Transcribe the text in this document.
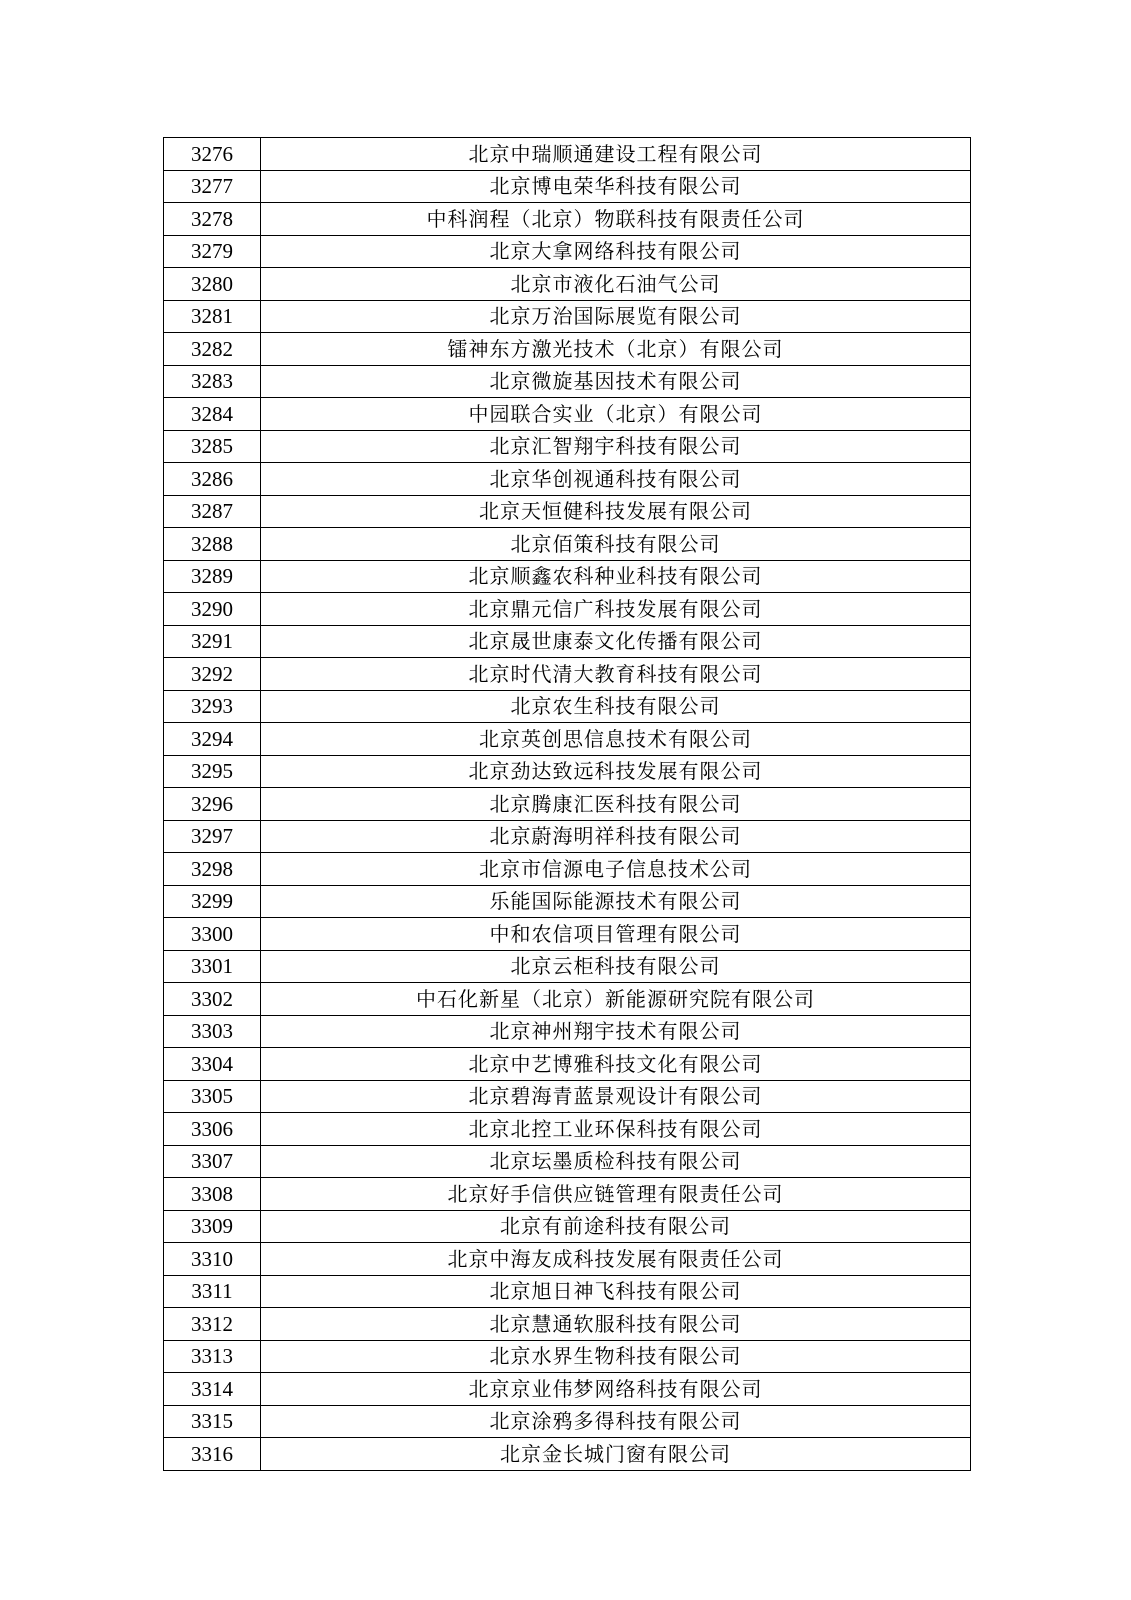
3276	北京中瑞顺通建设工程有限公司
3277	北京博电荣华科技有限公司
3278	中科润程（北京）物联科技有限责任公司
3279	北京大拿网络科技有限公司
3280	北京市液化石油气公司
3281	北京万治国际展览有限公司
3282	镭神东方激光技术（北京）有限公司
3283	北京微旋基因技术有限公司
3284	中园联合实业（北京）有限公司
3285	北京汇智翔宇科技有限公司
3286	北京华创视通科技有限公司
3287	北京天恒健科技发展有限公司
3288	北京佰策科技有限公司
3289	北京顺鑫农科种业科技有限公司
3290	北京鼎元信广科技发展有限公司
3291	北京晟世康泰文化传播有限公司
3292	北京时代清大教育科技有限公司
3293	北京农生科技有限公司
3294	北京英创思信息技术有限公司
3295	北京劲达致远科技发展有限公司
3296	北京腾康汇医科技有限公司
3297	北京蔚海明祥科技有限公司
3298	北京市信源电子信息技术公司
3299	乐能国际能源技术有限公司
3300	中和农信项目管理有限公司
3301	北京云柜科技有限公司
3302	中石化新星（北京）新能源研究院有限公司
3303	北京神州翔宇技术有限公司
3304	北京中艺博雅科技文化有限公司
3305	北京碧海青蓝景观设计有限公司
3306	北京北控工业环保科技有限公司
3307	北京坛墨质检科技有限公司
3308	北京好手信供应链管理有限责任公司
3309	北京有前途科技有限公司
3310	北京中海友成科技发展有限责任公司
3311	北京旭日神飞科技有限公司
3312	北京慧通软服科技有限公司
3313	北京水界生物科技有限公司
3314	北京京业伟梦网络科技有限公司
3315	北京涂鸦多得科技有限公司
3316	北京金长城门窗有限公司
